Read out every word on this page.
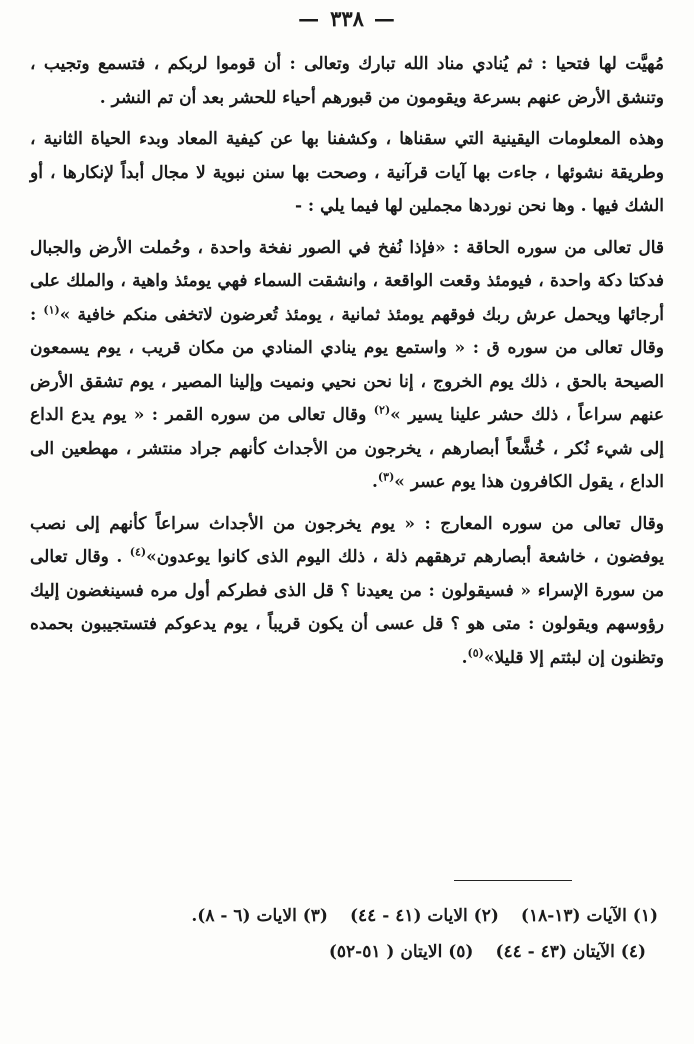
—٣٣٨—

مُهيَّت لها فتحيا : ثم يُنادي مناد الله تبارك وتعالى : أن قوموا لربكم ، فتسمع وتجيب ، وتنشق الأرض عنهم بسرعة ويقومون من قبورهم أحياء للحشر بعد أن تم النشر .

وهذه المعلومات اليقينية التي سقناها ، وكشفنا بها عن كيفية المعاد وبدء الحياة الثانية ، وطريقة نشوئها ، جاءت بها آيات قرآنية ، وصحت بها سنن نبوية لا مجال أبداً لإنكارها ، أو الشك فيها . وها نحن نوردها مجملين لها فيما يلي : -

قال تعالى من سوره الحاقة : «فإذا نُفخ في الصور نفخة واحدة ، وحُملت الأرض والجبال فدكتا دكة واحدة ، فيومئذ وقعت الواقعة ، وانشقت السماء فهي يومئذ واهية ، والملك على أرجائها ويحمل عرش ربك فوقهم يومئذ ثمانية ، يومئذ تُعرضون لاتخفى منكم خافية »$^{(١)}$ : وقال تعالى من سوره ق : « واستمع يوم ينادي المنادي من مكان قريب ، يوم يسمعون الصيحة بالحق ، ذلك يوم الخروج ، إنا نحن نحيي ونميت وإلينا المصير ، يوم تشقق الأرض عنهم سراعاً ، ذلك حشر علينا يسير »$^{(٢)}$ وقال تعالى من سوره القمر : « يوم يدع الداع إلى شيء نُكر ، خُشَّعاً أبصارهم ، يخرجون من الأجداث كأنهم جراد منتشر ، مهطعين الى الداع ، يقول الكافرون هذا يوم عسر »$^{(٣)}$.

وقال تعالى من سوره المعارج : « يوم يخرجون من الأجداث سراعاً كأنهم إلى نصب يوفضون ، خاشعة أبصارهم ترهقهم ذلة ، ذلك اليوم الذى كانوا يوعدون»$^{(٤)}$ . وقال تعالى من سورة الإسراء « فسيقولون : من يعيدنا ؟ قل الذى فطركم أول مره فسينغضون إليك رؤوسهم ويقولون : متى هو ؟ قل عسى أن يكون قريباً ، يوم يدعوكم فتستجيبون بحمده وتظنون إن لبثتم إلا قليلا»$^{(٥)}$.

(١) الآيات (١٣-١٨)
(٢) الايات (٤١ - ٤٤)
(٣) الايات (٦ - ٨).
(٤) الآيتان (٤٣ - ٤٤)
(٥) الايتان ( ٥١-٥٢)
